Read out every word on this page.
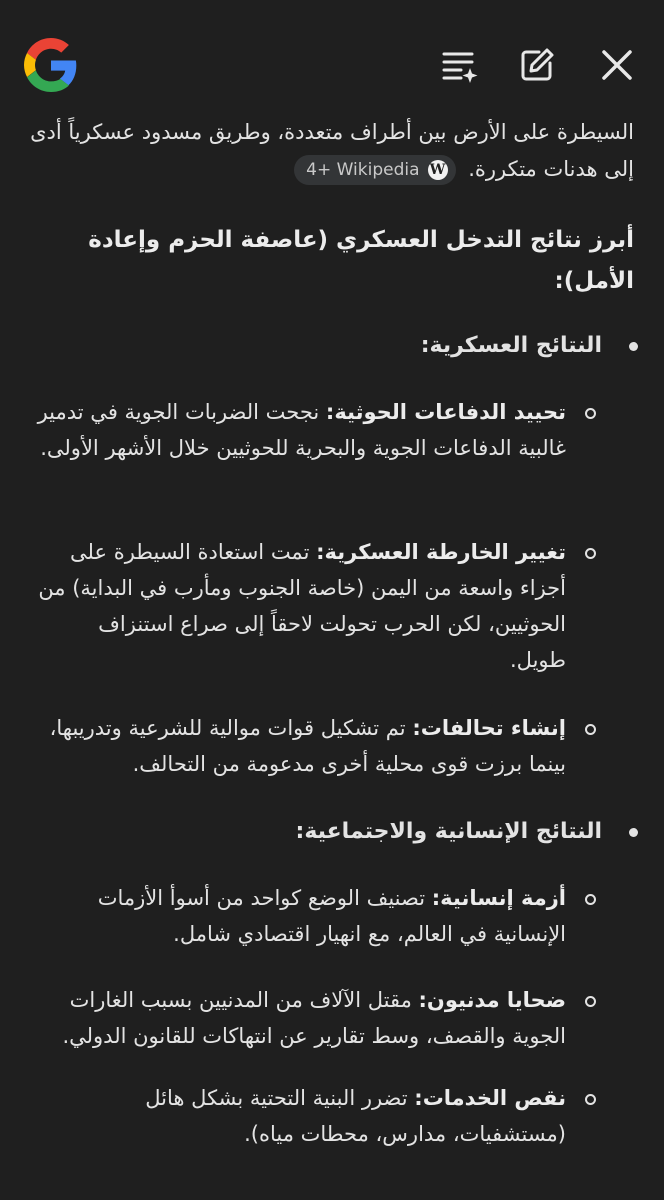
السيطرة على الأرض بين أطراف متعددة، وطريق مسدود عسكرياً أدى إلى هدنات متكررة.
4+ Wikipedia W
أبرز نتائج التدخل العسكري (عاصفة الحزم وإعادة الأمل):
النتائج العسكرية:
تحييد الدفاعات الحوثية: نجحت الضربات الجوية في تدمير غالبية الدفاعات الجوية والبحرية للحوثيين خلال الأشهر الأولى.
تغيير الخارطة العسكرية: تمت استعادة السيطرة على أجزاء واسعة من اليمن (خاصة الجنوب ومأرب في البداية) من الحوثيين، لكن الحرب تحولت لاحقاً إلى صراع استنزاف طويل.
إنشاء تحالفات: تم تشكيل قوات موالية للشرعية وتدريبها، بينما برزت قوى محلية أخرى مدعومة من التحالف.
النتائج الإنسانية والاجتماعية:
أزمة إنسانية: تصنيف الوضع كواحد من أسوأ الأزمات الإنسانية في العالم، مع انهيار اقتصادي شامل.
ضحايا مدنيون: مقتل الآلاف من المدنيين بسبب الغارات الجوية والقصف، وسط تقارير عن انتهاكات للقانون الدولي.
نقص الخدمات: تضرر البنية التحتية بشكل هائل (مستشفيات، مدارس، محطات مياه).
